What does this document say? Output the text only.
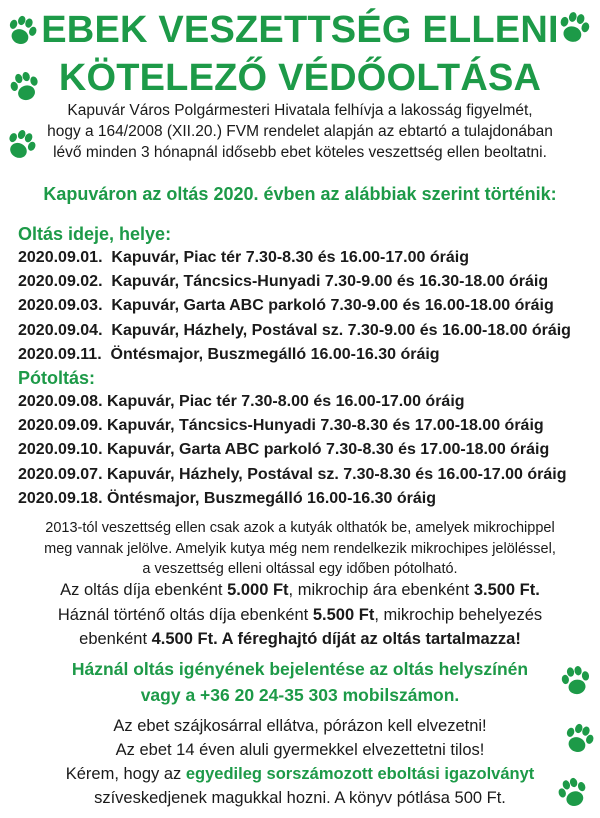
EBEK VESZETTSÉG ELLENI
KÖTELEZŐ VÉDŐOLTÁSA
Kapuvár Város Polgármesteri Hivatala felhívja a lakosság figyelmét,
hogy a 164/2008 (XII.20.) FVM rendelet alapján az ebtartó a tulajdonában
lévő minden 3 hónapnál idősebb ebet köteles veszettség ellen beoltatni.
Kapuváron az oltás 2020. évben az alábbiak szerint történik:
Oltás ideje, helye:
2020.09.01. Kapuvár, Piac tér 7.30-8.30 és 16.00-17.00 óráig
2020.09.02. Kapuvár, Táncsics-Hunyadi 7.30-9.00 és 16.30-18.00 óráig
2020.09.03. Kapuvár, Garta ABC parkoló 7.30-9.00 és 16.00-18.00 óráig
2020.09.04. Kapuvár, Házhely, Postával sz. 7.30-9.00 és 16.00-18.00 óráig
2020.09.11. Öntésmajor, Buszmegálló 16.00-16.30 óráig
Pótoltás:
2020.09.08. Kapuvár, Piac tér 7.30-8.00 és 16.00-17.00 óráig
2020.09.09. Kapuvár, Táncsics-Hunyadi 7.30-8.30 és 17.00-18.00 óráig
2020.09.10. Kapuvár, Garta ABC parkoló 7.30-8.30 és 17.00-18.00 óráig
2020.09.07. Kapuvár, Házhely, Postával sz. 7.30-8.30 és 16.00-17.00 óráig
2020.09.18. Öntésmajor, Buszmegálló 16.00-16.30 óráig
2013-tól veszettség ellen csak azok a kutyák olthatók be, amelyek mikrochippel
meg vannak jelölve. Amelyik kutya még nem rendelkezik mikrochipes jelöléssel,
a veszettség elleni oltással egy időben pótolható.
Az oltás díja ebenként 5.000 Ft, mikrochip ára ebenként 3.500 Ft.
Háznál történő oltás díja ebenként 5.500 Ft, mikrochip behelyezés
ebenként 4.500 Ft. A féreghajtó díját az oltás tartalmazza!
Háznál oltás igényének bejelentése az oltás helyszínén
vagy a +36 20 24-35 303 mobilszámon.
Az ebet szájkosárral ellátva, pórázon kell elvezetni!
Az ebet 14 éven aluli gyermekkel elvezettetni tilos!
Kérem, hogy az egyedileg sorszámozott eboltási igazolványt
szíveskedjenek magukkal hozni. A könyv pótlása 500 Ft.
